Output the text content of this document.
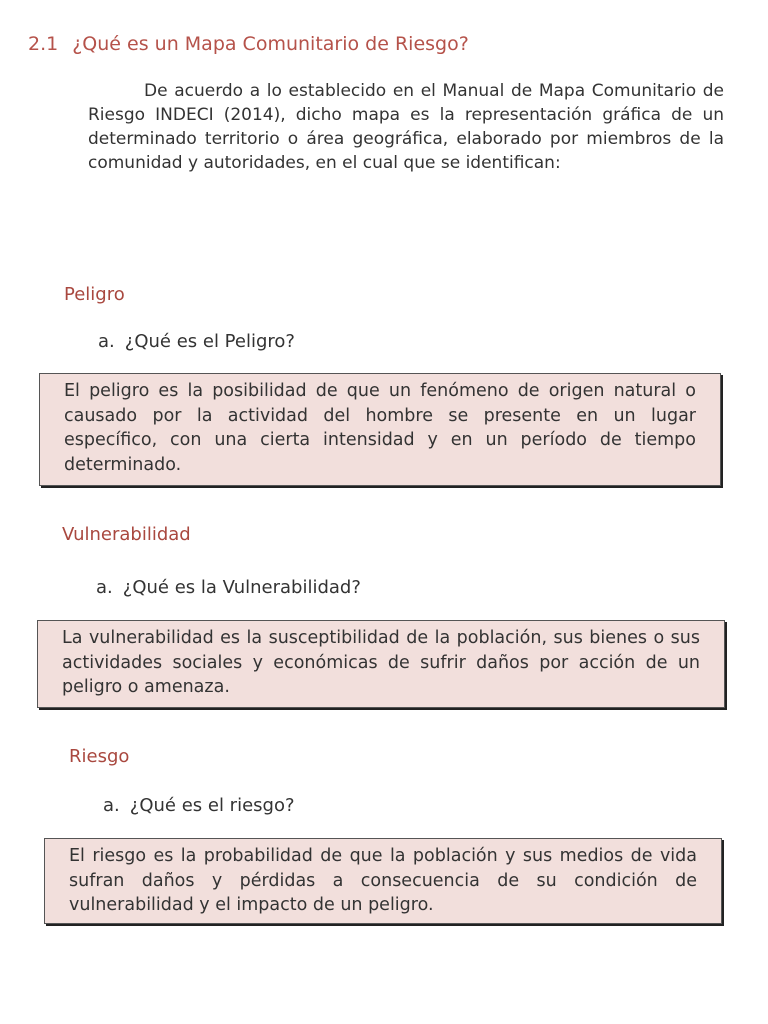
2.1 ¿Qué es un Mapa Comunitario de Riesgo?

De acuerdo a lo establecido en el Manual de Mapa Comunitario de Riesgo INDECI (2014), dicho mapa es la representación gráfica de un determinado territorio o área geográfica, elaborado por miembros de la comunidad y autoridades, en el cual que se identifican:

Peligro
a. ¿Qué es el Peligro?

El peligro es la posibilidad de que un fenómeno de origen natural o causado por la actividad del hombre se presente en un lugar específico, con una cierta intensidad y en un período de tiempo determinado.

Vulnerabilidad
a. ¿Qué es la Vulnerabilidad?

La vulnerabilidad es la susceptibilidad de la población, sus bienes o sus actividades sociales y económicas de sufrir daños por acción de un peligro o amenaza.

Riesgo
a. ¿Qué es el riesgo?

El riesgo es la probabilidad de que la población y sus medios de vida sufran daños y pérdidas a consecuencia de su condición de vulnerabilidad y el impacto de un peligro.
